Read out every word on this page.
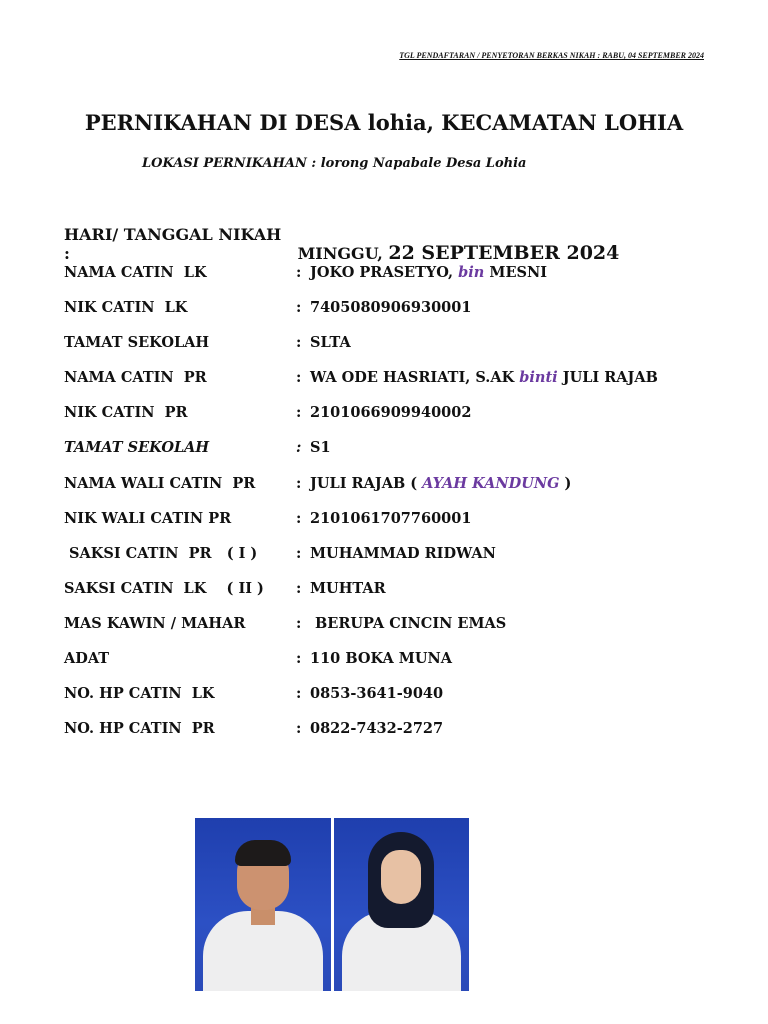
TGL PENDAFTARAN / PENYETORAN BERKAS NIKAH : RABU, 04 SEPTEMBER 2024
PERNIKAHAN DI DESA lohia, KECAMATAN LOHIA
LOKASI PERNIKAHAN : lorong Napabale Desa Lohia
HARI/ TANGGAL NIKAH :	MINGGU, 22 SEPTEMBER 2024
NAMA CATIN  LK	: JOKO PRASETYO, bin MESNI
NIK CATIN  LK	: 7405080906930001
TAMAT SEKOLAH	: SLTA
NAMA CATIN  PR	: WA ODE HASRIATI, S.AK binti JULI RAJAB
NIK CATIN  PR	: 2101066909940002
TAMAT SEKOLAH	: S1
NAMA WALI CATIN  PR	: JULI RAJAB ( AYAH KANDUNG )
NIK WALI CATIN PR	: 2101061707760001
SAKSI CATIN  PR   ( I )	: MUHAMMAD RIDWAN
SAKSI CATIN  LK    ( II )	: MUHTAR
MAS KAWIN / MAHAR	: BERUPA CINCIN EMAS
ADAT	: 110 BOKA MUNA
NO. HP CATIN  LK	: 0853-3641-9040
NO. HP CATIN  PR	: 0822-7432-2727
